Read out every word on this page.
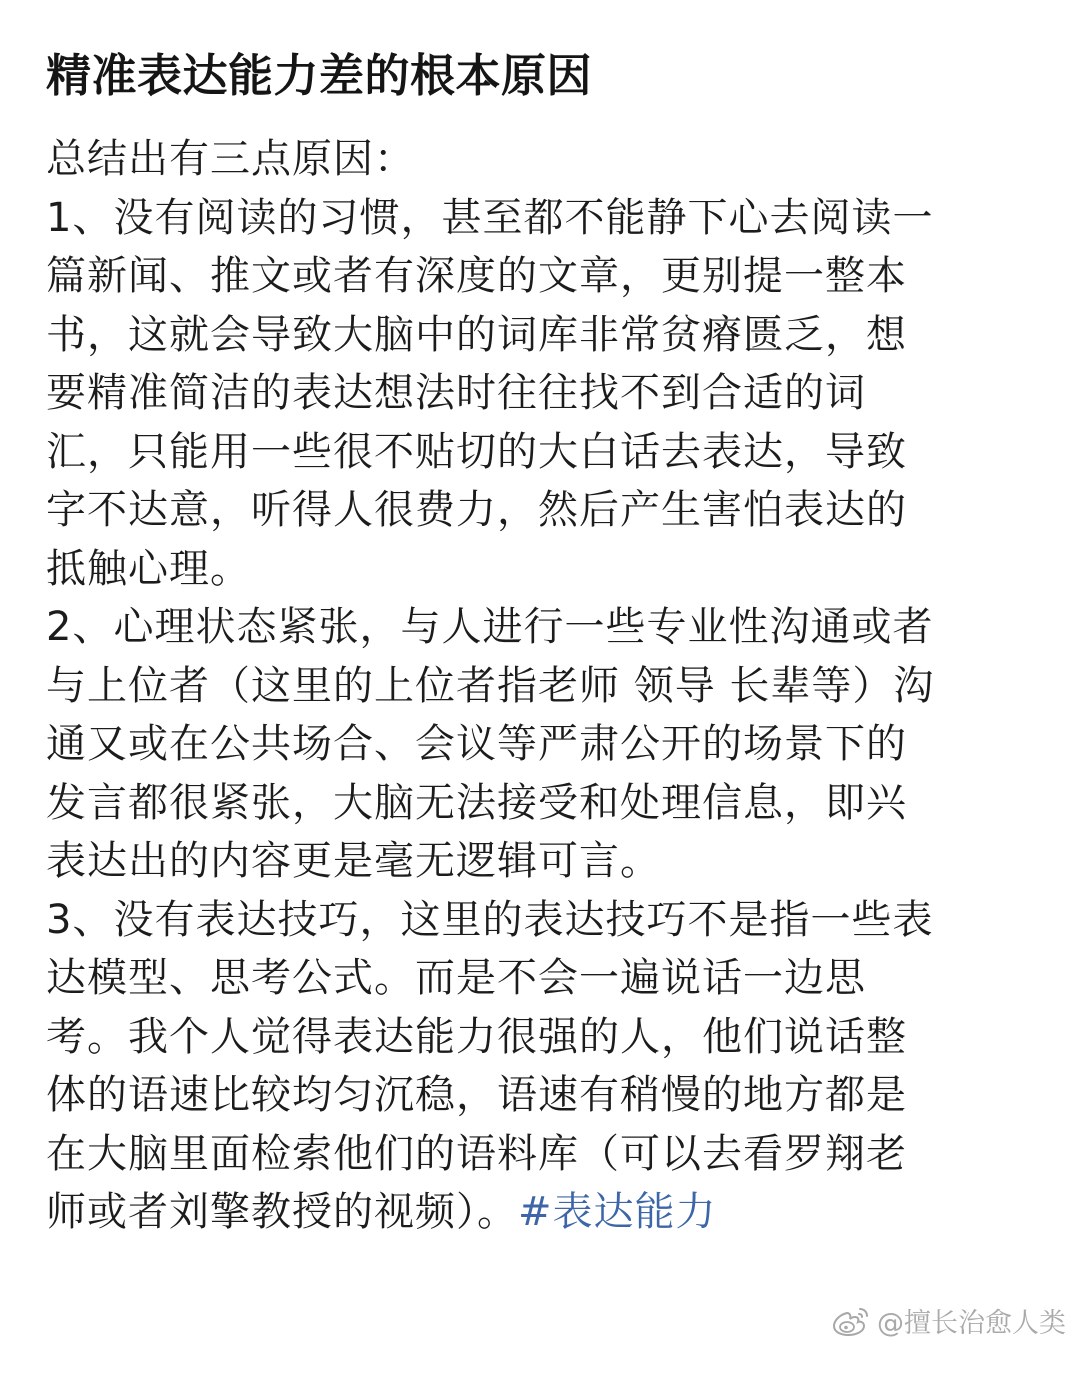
精准表达能力差的根本原因
总结出有三点原因：
1、没有阅读的习惯，甚至都不能静下心去阅读一
篇新闻、推文或者有深度的文章，更别提一整本
书，这就会导致大脑中的词库非常贫瘠匮乏，想
要精准简洁的表达想法时往往找不到合适的词
汇，只能用一些很不贴切的大白话去表达，导致
字不达意，听得人很费力，然后产生害怕表达的
抵触心理。
2、心理状态紧张，与人进行一些专业性沟通或者
与上位者（这里的上位者指老师 领导 长辈等）沟
通又或在公共场合、会议等严肃公开的场景下的
发言都很紧张，大脑无法接受和处理信息，即兴
表达出的内容更是毫无逻辑可言。
3、没有表达技巧，这里的表达技巧不是指一些表
达模型、思考公式。而是不会一遍说话一边思
考。我个人觉得表达能力很强的人，他们说话整
体的语速比较均匀沉稳，语速有稍慢的地方都是
在大脑里面检索他们的语料库（可以去看罗翔老
师或者刘擎教授的视频）。#表达能力
@擅长治愈人类
